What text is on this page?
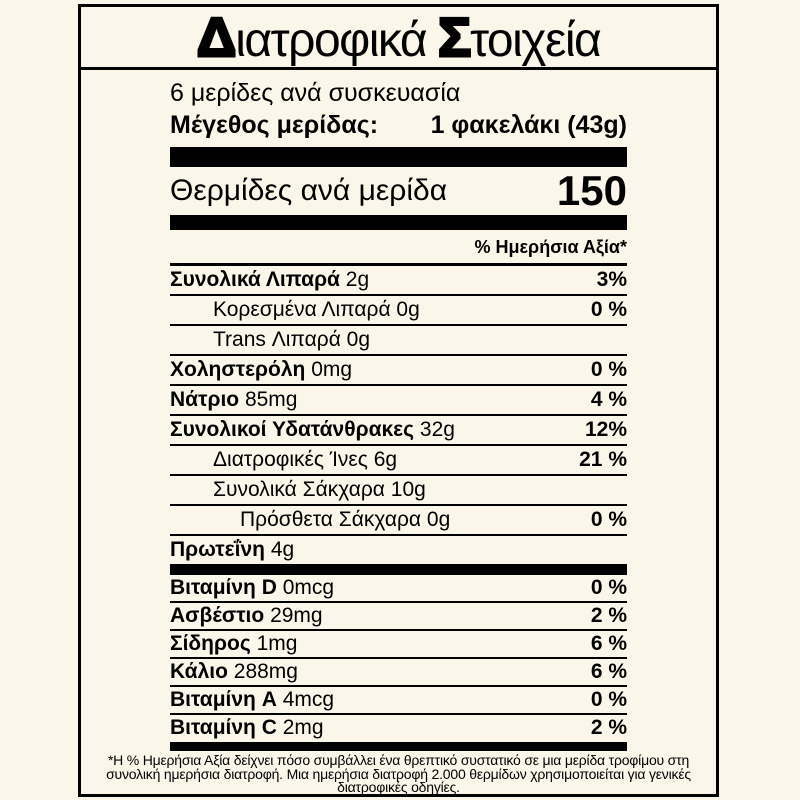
Διατροφικά Στοιχεία
6 μερίδες ανά συσκευασία
Μέγεθος μερίδας: 1 φακελάκι (43g)
Θερμίδες ανά μερίδα	150
% Ημερήσια Αξία*
Συνολικά Λιπαρά 2g	3%
Κορεσμένα Λιπαρά 0g	0 %
Trans Λιπαρά 0g
Χοληστερόλη 0mg	0 %
Νάτριο 85mg	4 %
Συνολικοί Υδατάνθρακες 32g	12%
Διατροφικές Ίνες 6g	21 %
Συνολικά Σάκχαρα 10g
Πρόσθετα Σάκχαρα 0g	0 %
Πρωτεΐνη 4g
Βιταμίνη D 0mcg	0 %
Ασβέστιο 29mg	2 %
Σίδηρος 1mg	6 %
Κάλιο 288mg	6 %
Βιταμίνη A 4mcg	0 %
Βιταμίνη C 2mg	2 %
*Η % Ημερήσια Αξία δείχνει πόσο συμβάλλει ένα θρεπτικό συστατικό σε μια μερίδα τροφίμου στη
συνολική ημερήσια διατροφή. Μια ημερήσια διατροφή 2.000 θερμίδων χρησιμοποιείται για γενικές
διατροφικές οδηγίες.
